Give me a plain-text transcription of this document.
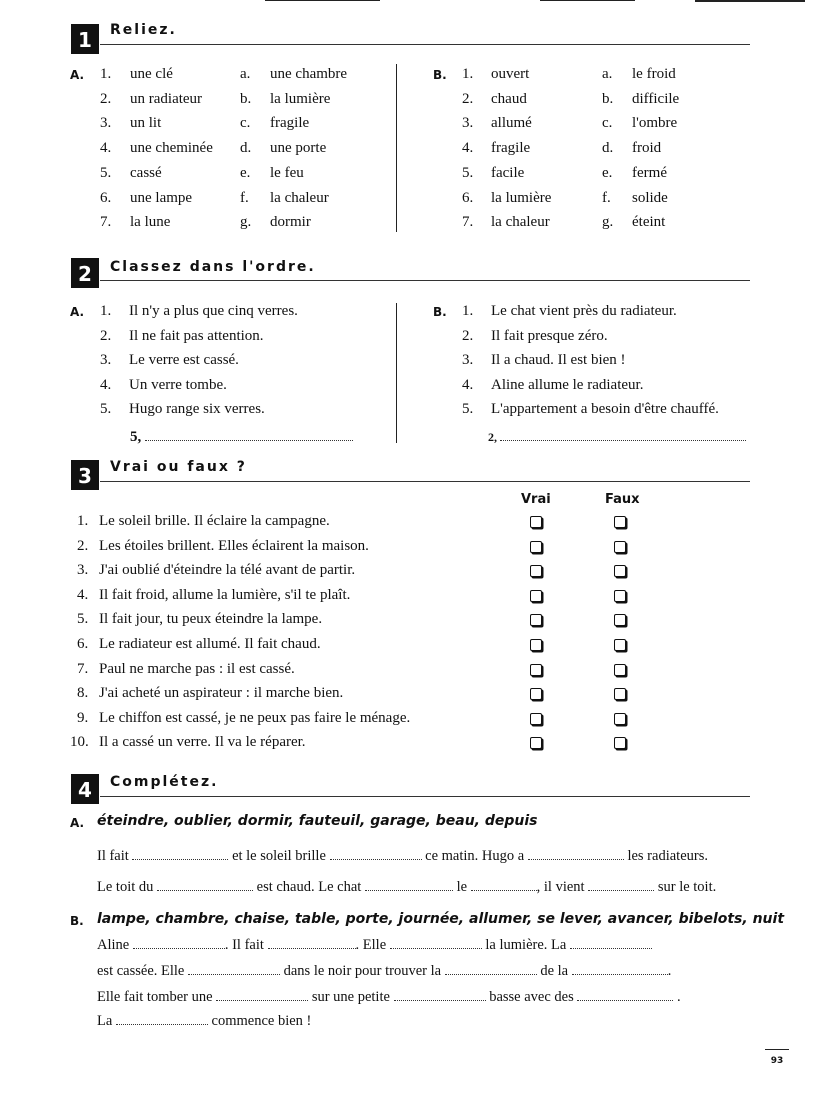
1	Reliez.
A. 1. une clé
2. un radiateur
3. un lit
4. une cheminée
5. cassé
6. une lampe
7. la lune
a. une chambre
b. la lumière
c. fragile
d. une porte
e. le feu
f. la chaleur
g. dormir
B. 1. ouvert
2. chaud
3. allumé
4. fragile
5. facile
6. la lumière
7. la chaleur
a. le froid
b. difficile
c. l'ombre
d. froid
e. fermé
f. solide
g. éteint
2	Classez dans l'ordre.
A. 1. Il n'y a plus que cinq verres.
2. Il ne fait pas attention.
3. Le verre est cassé.
4. Un verre tombe.
5. Hugo range six verres.
5,
B. 1. Le chat vient près du radiateur.
2. Il fait presque zéro.
3. Il a chaud. Il est bien !
4. Aline allume le radiateur.
5. L'appartement a besoin d'être chauffé.
2,
3	Vrai ou faux ?
Vrai	Faux
1. Le soleil brille. Il éclaire la campagne.
2. Les étoiles brillent. Elles éclairent la maison.
3. J'ai oublié d'éteindre la télé avant de partir.
4. Il fait froid, allume la lumière, s'il te plaît.
5. Il fait jour, tu peux éteindre la lampe.
6. Le radiateur est allumé. Il fait chaud.
7. Paul ne marche pas : il est cassé.
8. J'ai acheté un aspirateur : il marche bien.
9. Le chiffon est cassé, je ne peux pas faire le ménage.
10. Il a cassé un verre. Il va le réparer.
4	Complétez.
A. éteindre, oublier, dormir, fauteuil, garage, beau, depuis
Il fait	et le soleil brille	ce matin. Hugo a	les radiateurs.
Le toit du	est chaud. Le chat	le	, il vient	sur le toit.
B. lampe, chambre, chaise, table, porte, journée, allumer, se lever, avancer, bibelots, nuit
Aline	. Il fait	. Elle	la lumière. La
est cassée. Elle	dans le noir pour trouver la	de la	.
Elle fait tomber une	sur une petite	basse avec des	.
La	commence bien !
93
